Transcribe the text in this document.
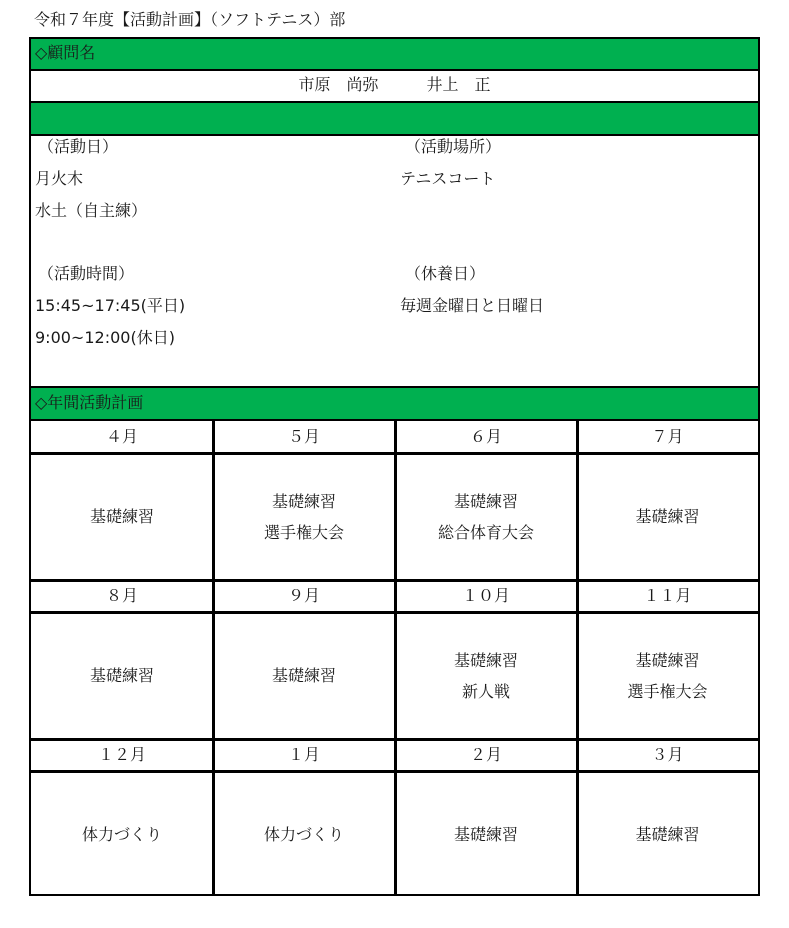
令和７年度【活動計画】（ソフトテニス）部
◇顧問名
市原　尚弥　　　井上　正
（活動日）
月火木
水土（自主練）
（活動場所）
テニスコート
（活動時間）
15:45~17:45(平日)
9:00~12:00(休日)
（休養日）
毎週金曜日と日曜日
◇年間活動計画
４月
基礎練習
５月
基礎練習
選手権大会
６月
基礎練習
総合体育大会
７月
基礎練習
８月
基礎練習
９月
基礎練習
１０月
基礎練習
新人戦
１１月
基礎練習
選手権大会
１２月
体力づくり
１月
体力づくり
２月
基礎練習
３月
基礎練習
